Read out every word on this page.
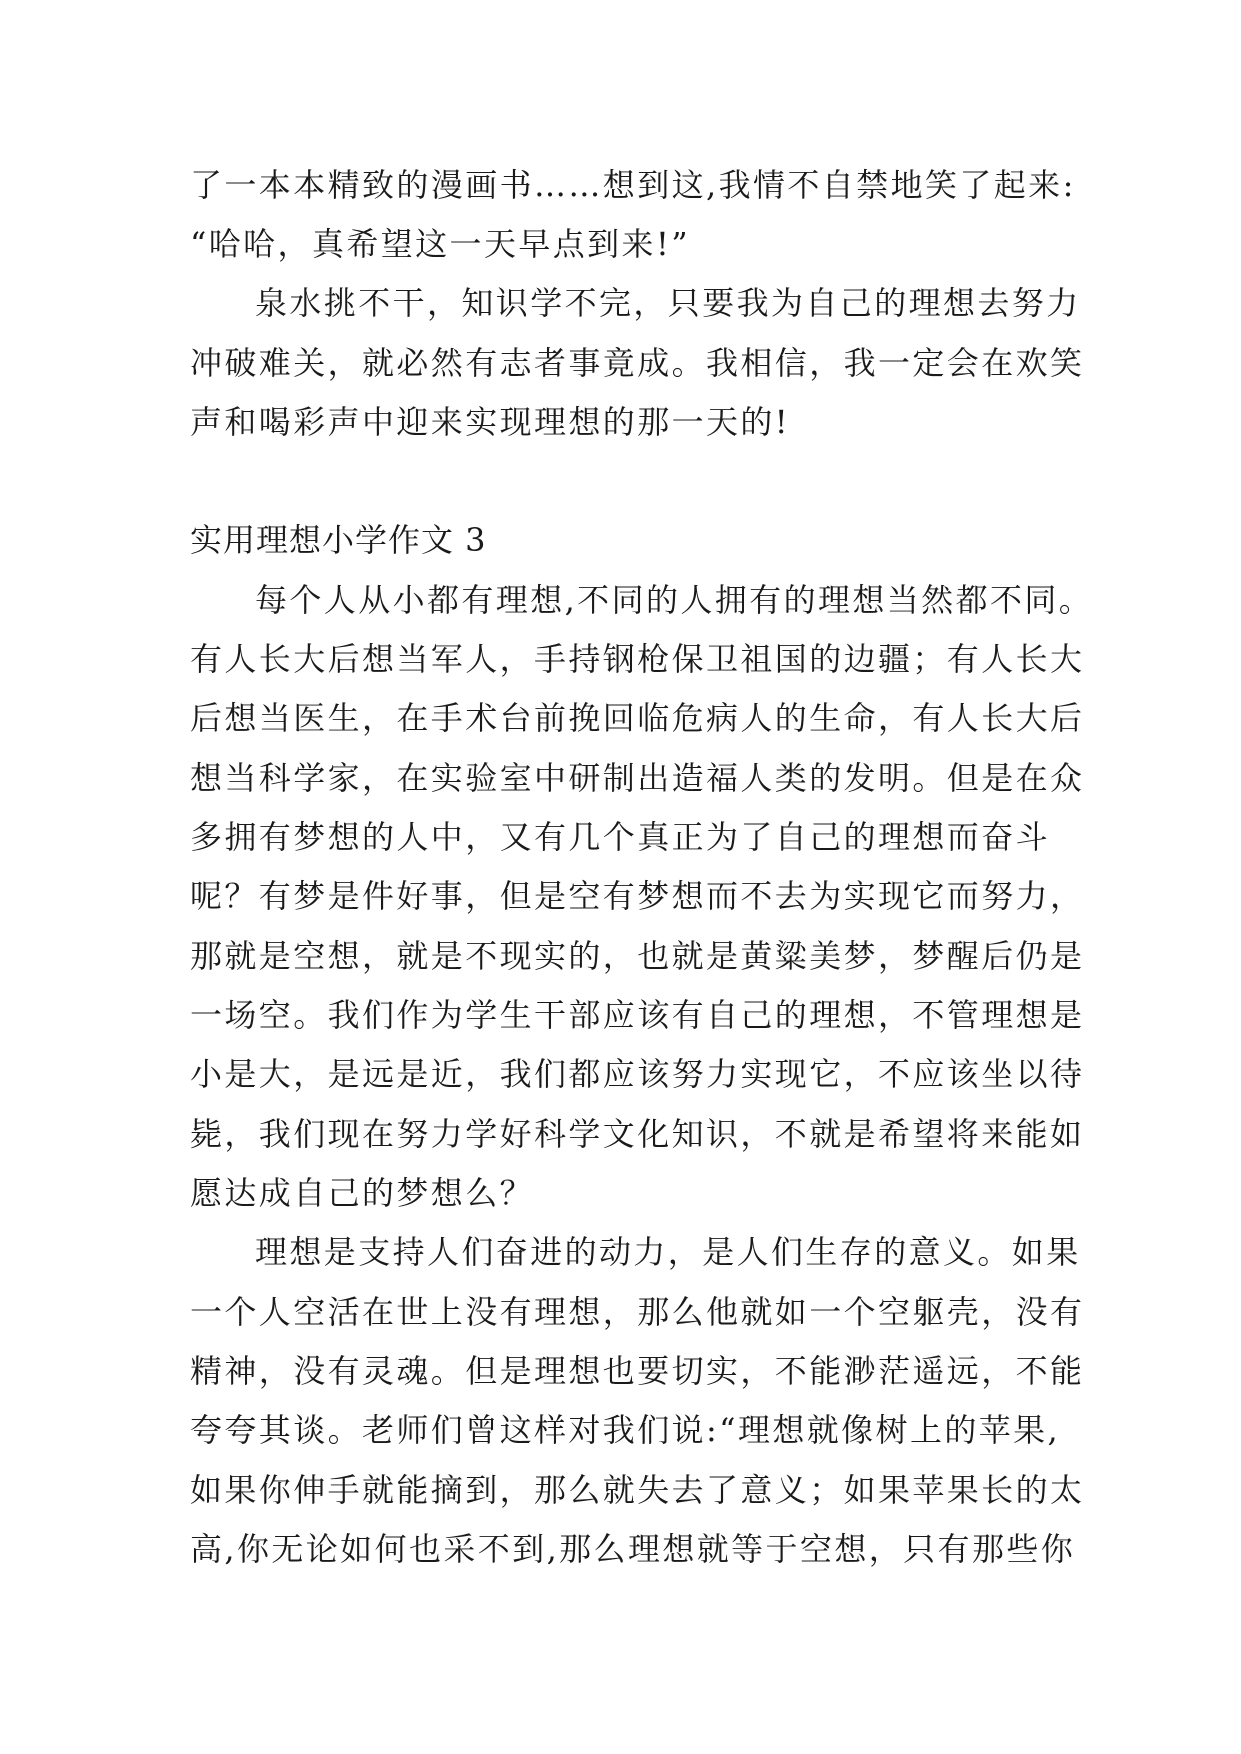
了一本本精致的漫画书……想到这,我情不自禁地笑了起来:
“哈哈，真希望这一天早点到来!”
泉水挑不干，知识学不完，只要我为自己的理想去努力
冲破难关，就必然有志者事竟成。我相信，我一定会在欢笑
声和喝彩声中迎来实现理想的那一天的!
实用理想小学作文 3
每个人从小都有理想,不同的人拥有的理想当然都不同。
有人长大后想当军人，手持钢枪保卫祖国的边疆；有人长大
后想当医生，在手术台前挽回临危病人的生命，有人长大后
想当科学家，在实验室中研制出造福人类的发明。但是在众
多拥有梦想的人中，又有几个真正为了自己的理想而奋斗
呢？有梦是件好事，但是空有梦想而不去为实现它而努力，
那就是空想，就是不现实的，也就是黄粱美梦，梦醒后仍是
一场空。我们作为学生干部应该有自己的理想，不管理想是
小是大，是远是近，我们都应该努力实现它，不应该坐以待
毙，我们现在努力学好科学文化知识，不就是希望将来能如
愿达成自己的梦想么？
理想是支持人们奋进的动力，是人们生存的意义。如果
一个人空活在世上没有理想，那么他就如一个空躯壳，没有
精神，没有灵魂。但是理想也要切实，不能渺茫遥远，不能
夸夸其谈。老师们曾这样对我们说:“理想就像树上的苹果,
如果你伸手就能摘到，那么就失去了意义；如果苹果长的太
高,你无论如何也采不到,那么理想就等于空想，只有那些你
